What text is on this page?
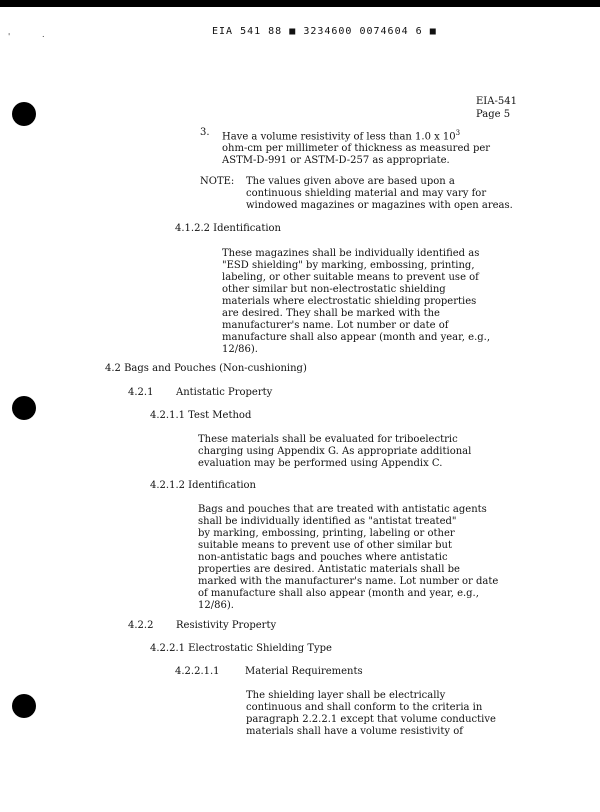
EIA 541 88 ■ 3234600 0074604 6 ■
'	.
EIA-541
Page 5
3. Have a volume resistivity of less than 1.0 x $10^3$
ohm-cm per millimeter of thickness as measured per
ASTM-D-991 or ASTM-D-257 as appropriate.
NOTE: The values given above are based upon a
continuous shielding material and may vary for
windowed magazines or magazines with open areas.
4.1.2.2 Identification
These magazines shall be individually identified as
"ESD shielding" by marking, embossing, printing,
labeling, or other suitable means to prevent use of
other similar but non-electrostatic shielding
materials where electrostatic shielding properties
are desired. They shall be marked with the
manufacturer's name. Lot number or date of
manufacture shall also appear (month and year, e.g.,
12/86).
4.2 Bags and Pouches (Non-cushioning)
4.2.1 Antistatic Property
4.2.1.1 Test Method
These materials shall be evaluated for triboelectric
charging using Appendix G. As appropriate additional
evaluation may be performed using Appendix C.
4.2.1.2 Identification
Bags and pouches that are treated with antistatic agents
shall be individually identified as "antistat treated"
by marking, embossing, printing, labeling or other
suitable means to prevent use of other similar but
non-antistatic bags and pouches where antistatic
properties are desired. Antistatic materials shall be
marked with the manufacturer's name. Lot number or date
of manufacture shall also appear (month and year, e.g.,
12/86).
4.2.2 Resistivity Property
4.2.2.1 Electrostatic Shielding Type
4.2.2.1.1	Material Requirements
The shielding layer shall be electrically
continuous and shall conform to the criteria in
paragraph 2.2.2.1 except that volume conductive
materials shall have a volume resistivity of
